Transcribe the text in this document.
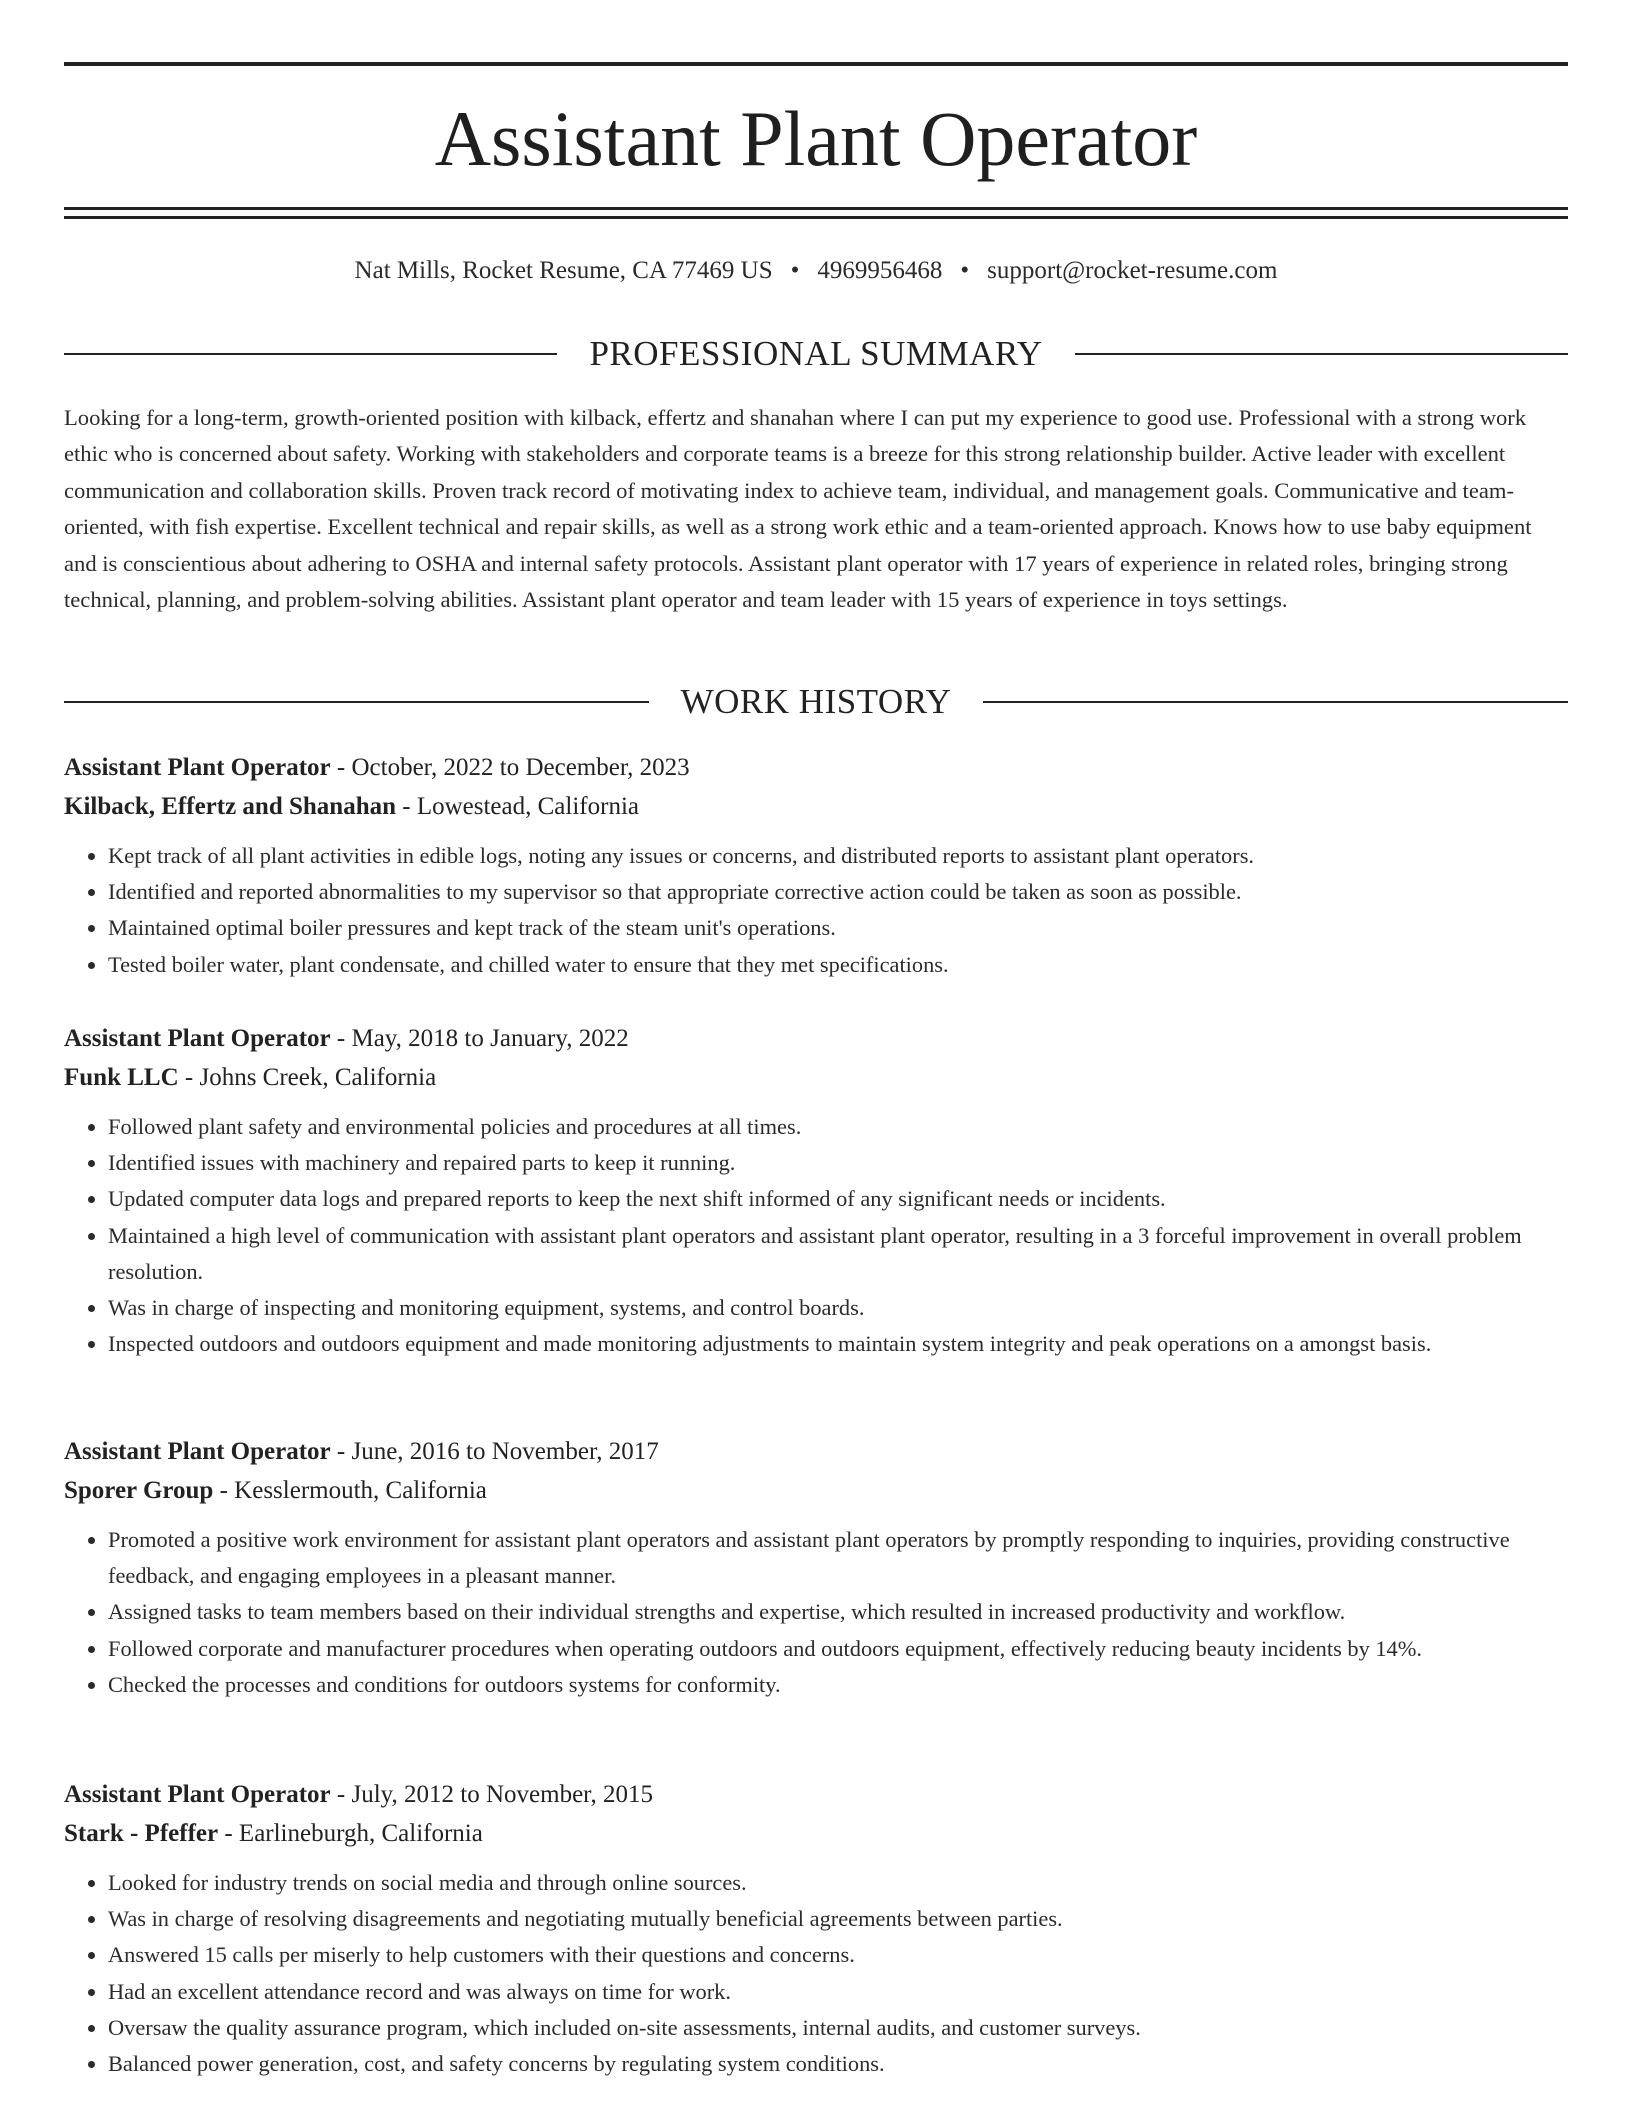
Assistant Plant Operator
Nat Mills, Rocket Resume, CA 77469 US • 4969956468 • support@rocket-resume.com
PROFESSIONAL SUMMARY

Looking for a long-term, growth-oriented position with kilback, effertz and shanahan where I can put my experience to good use. Professional with a strong work ethic who is concerned about safety. Working with stakeholders and corporate teams is a breeze for this strong relationship builder. Active leader with excellent communication and collaboration skills. Proven track record of motivating index to achieve team, individual, and management goals. Communicative and team-oriented, with fish expertise. Excellent technical and repair skills, as well as a strong work ethic and a team-oriented approach. Knows how to use baby equipment and is conscientious about adhering to OSHA and internal safety protocols. Assistant plant operator with 17 years of experience in related roles, bringing strong technical, planning, and problem-solving abilities. Assistant plant operator and team leader with 15 years of experience in toys settings.

WORK HISTORY
Assistant Plant Operator - October, 2022 to December, 2023
Kilback, Effertz and Shanahan - Lowestead, California
• Kept track of all plant activities in edible logs, noting any issues or concerns, and distributed reports to assistant plant operators.
• Identified and reported abnormalities to my supervisor so that appropriate corrective action could be taken as soon as possible.
• Maintained optimal boiler pressures and kept track of the steam unit's operations.
• Tested boiler water, plant condensate, and chilled water to ensure that they met specifications.
Assistant Plant Operator - May, 2018 to January, 2022
Funk LLC - Johns Creek, California
• Followed plant safety and environmental policies and procedures at all times.
• Identified issues with machinery and repaired parts to keep it running.
• Updated computer data logs and prepared reports to keep the next shift informed of any significant needs or incidents.
• Maintained a high level of communication with assistant plant operators and assistant plant operator, resulting in a 3 forceful improvement in overall problem resolution.
• Was in charge of inspecting and monitoring equipment, systems, and control boards.
• Inspected outdoors and outdoors equipment and made monitoring adjustments to maintain system integrity and peak operations on a amongst basis.
Assistant Plant Operator - June, 2016 to November, 2017
Sporer Group - Kesslermouth, California
• Promoted a positive work environment for assistant plant operators and assistant plant operators by promptly responding to inquiries, providing constructive feedback, and engaging employees in a pleasant manner.
• Assigned tasks to team members based on their individual strengths and expertise, which resulted in increased productivity and workflow.
• Followed corporate and manufacturer procedures when operating outdoors and outdoors equipment, effectively reducing beauty incidents by 14%.
• Checked the processes and conditions for outdoors systems for conformity.
Assistant Plant Operator - July, 2012 to November, 2015
Stark - Pfeffer - Earlineburgh, California
• Looked for industry trends on social media and through online sources.
• Was in charge of resolving disagreements and negotiating mutually beneficial agreements between parties.
• Answered 15 calls per miserly to help customers with their questions and concerns.
• Had an excellent attendance record and was always on time for work.
• Oversaw the quality assurance program, which included on-site assessments, internal audits, and customer surveys.
• Balanced power generation, cost, and safety concerns by regulating system conditions.
